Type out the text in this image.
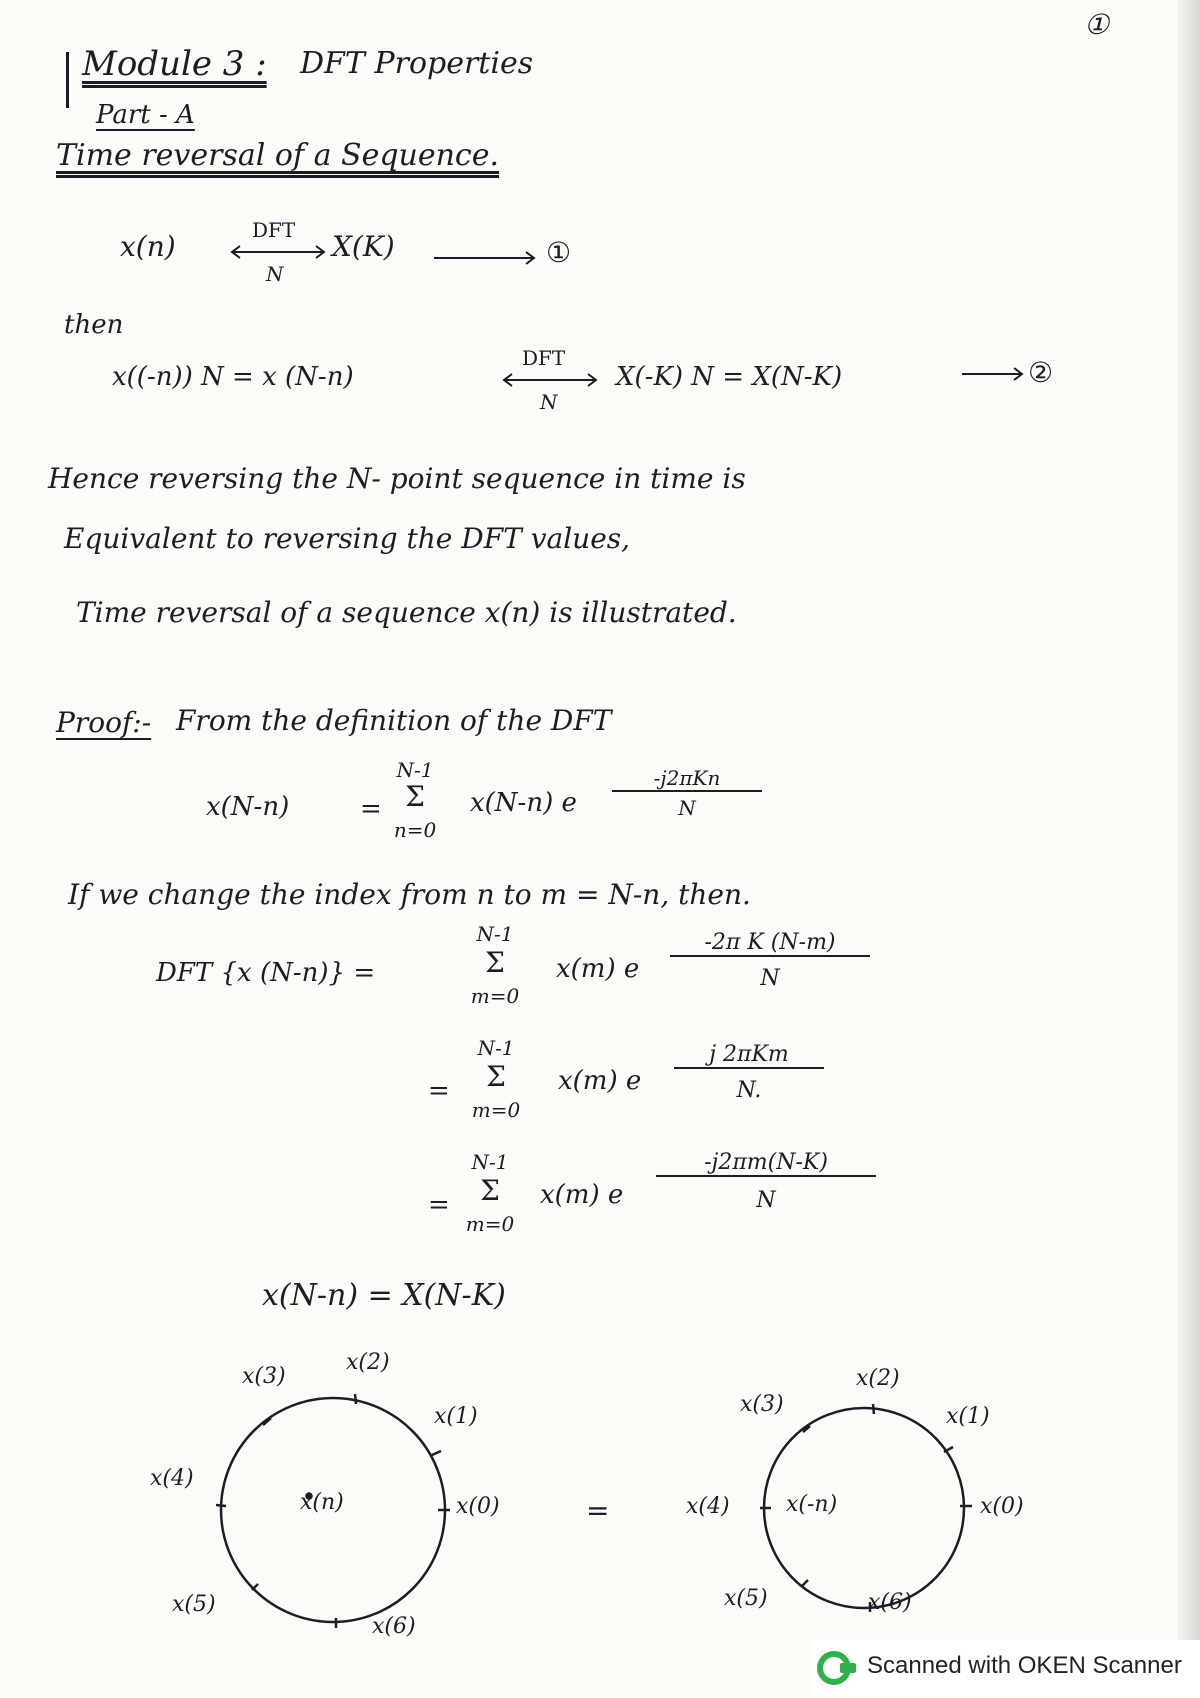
①
Module 3 : DFT Properties
Part - A
Time reversal of a Sequence.
x(n)	DFT
N
X(K)	①
then
x((-n)) N = x (N-n)
DFT
N
X(-K) N = X(N-K)	②
Hence reversing the N- point sequence in time is
Equivalent to reversing the DFT values,
Time reversal of a sequence x(n) is illustrated.
Proof:- From the definition of the DFT
x(N-n)	=
N-1
Σ
n=0
x(N-n) e
-j2πKn
N
If we change the index from n to m = N-n, then.
DFT {x (N-n)} =
N-1
Σ
m=0
x(m) e
-2π K (N-m)
N
=
N-1
Σ
m=0
x(m) e
j 2πKm
N.
=
N-1
Σ
m=0
x(m) e
-j2πm(N-K)
N
x(N-n) = X(N-K)
x(n)
x(3)
x(2)
x(1)
x(4)
x(0)
x(5)
x(6)
=	x(-n)
x(3)
x(2)
x(1)
x(4)	x(0)
x(5)	x(6)
Scanned with OKEN Scanner
